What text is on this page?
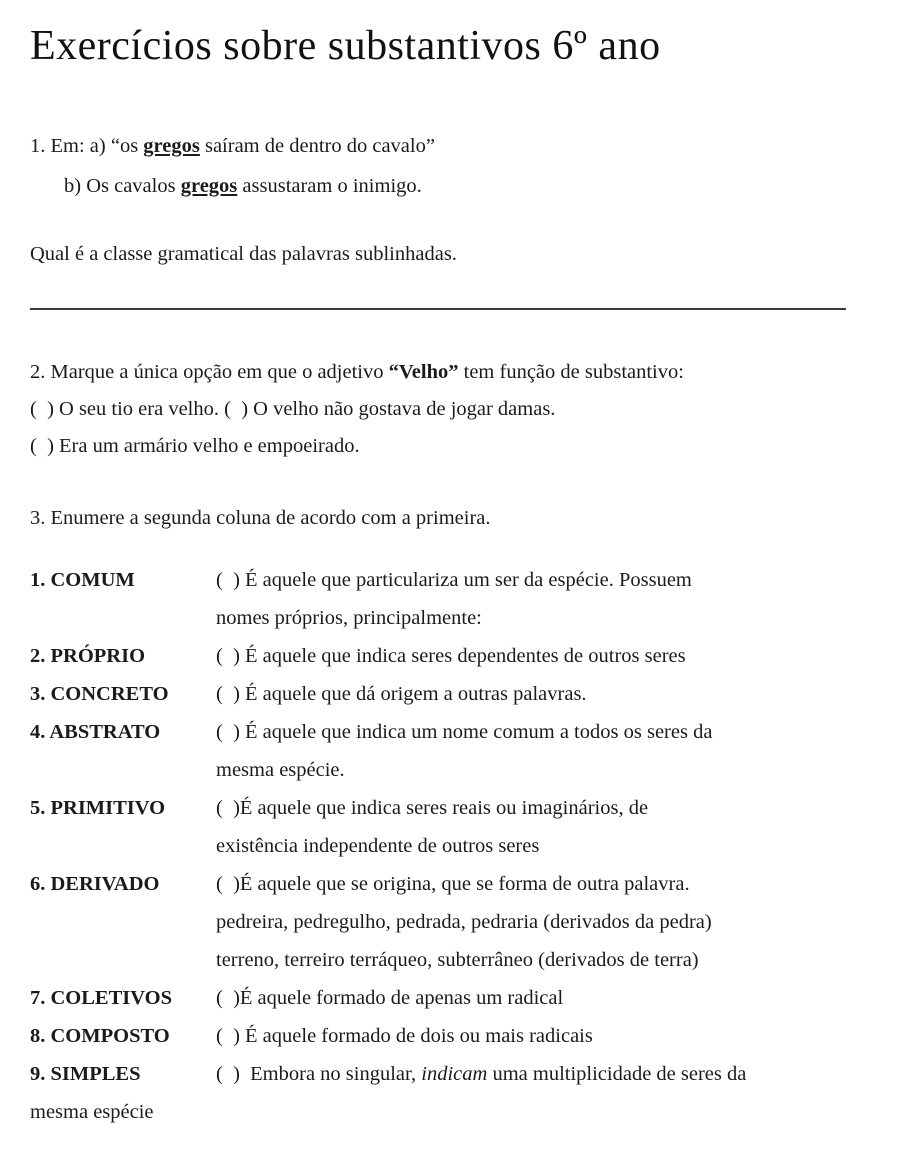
Exercícios sobre substantivos 6º ano

1. Em: a) “os gregos saíram de dentro do cavalo”

b) Os cavalos gregos assustaram o inimigo.

Qual é a classe gramatical das palavras sublinhadas.

2. Marque a única opção em que o adjetivo “Velho” tem função de substantivo:

(  ) O seu tio era velho. (  ) O velho não gostava de jogar damas.

(  ) Era um armário velho e empoeirado.

3. Enumere a segunda coluna de acordo com a primeira.

1. COMUM	(  ) É aquele que particulariza um ser da espécie. Possuem
nomes próprios, principalmente:
2. PRÓPRIO	(  ) É aquele que indica seres dependentes de outros seres
3. CONCRETO	(  ) É aquele que dá origem a outras palavras.
4. ABSTRATO	(  ) É aquele que indica um nome comum a todos os seres da
mesma espécie.
5. PRIMITIVO	(  )É aquele que indica seres reais ou imaginários, de
existência independente de outros seres
6. DERIVADO	(  )É aquele que se origina, que se forma de outra palavra.
pedreira, pedregulho, pedrada, pedraria (derivados da pedra)
terreno, terreiro terráqueo, subterrâneo (derivados de terra)
7. COLETIVOS	(  )É aquele formado de apenas um radical
8. COMPOSTO	(  ) É aquele formado de dois ou mais radicais
9. SIMPLES	(  )  Embora no singular, indicam uma multiplicidade de seres da

mesma espécie
